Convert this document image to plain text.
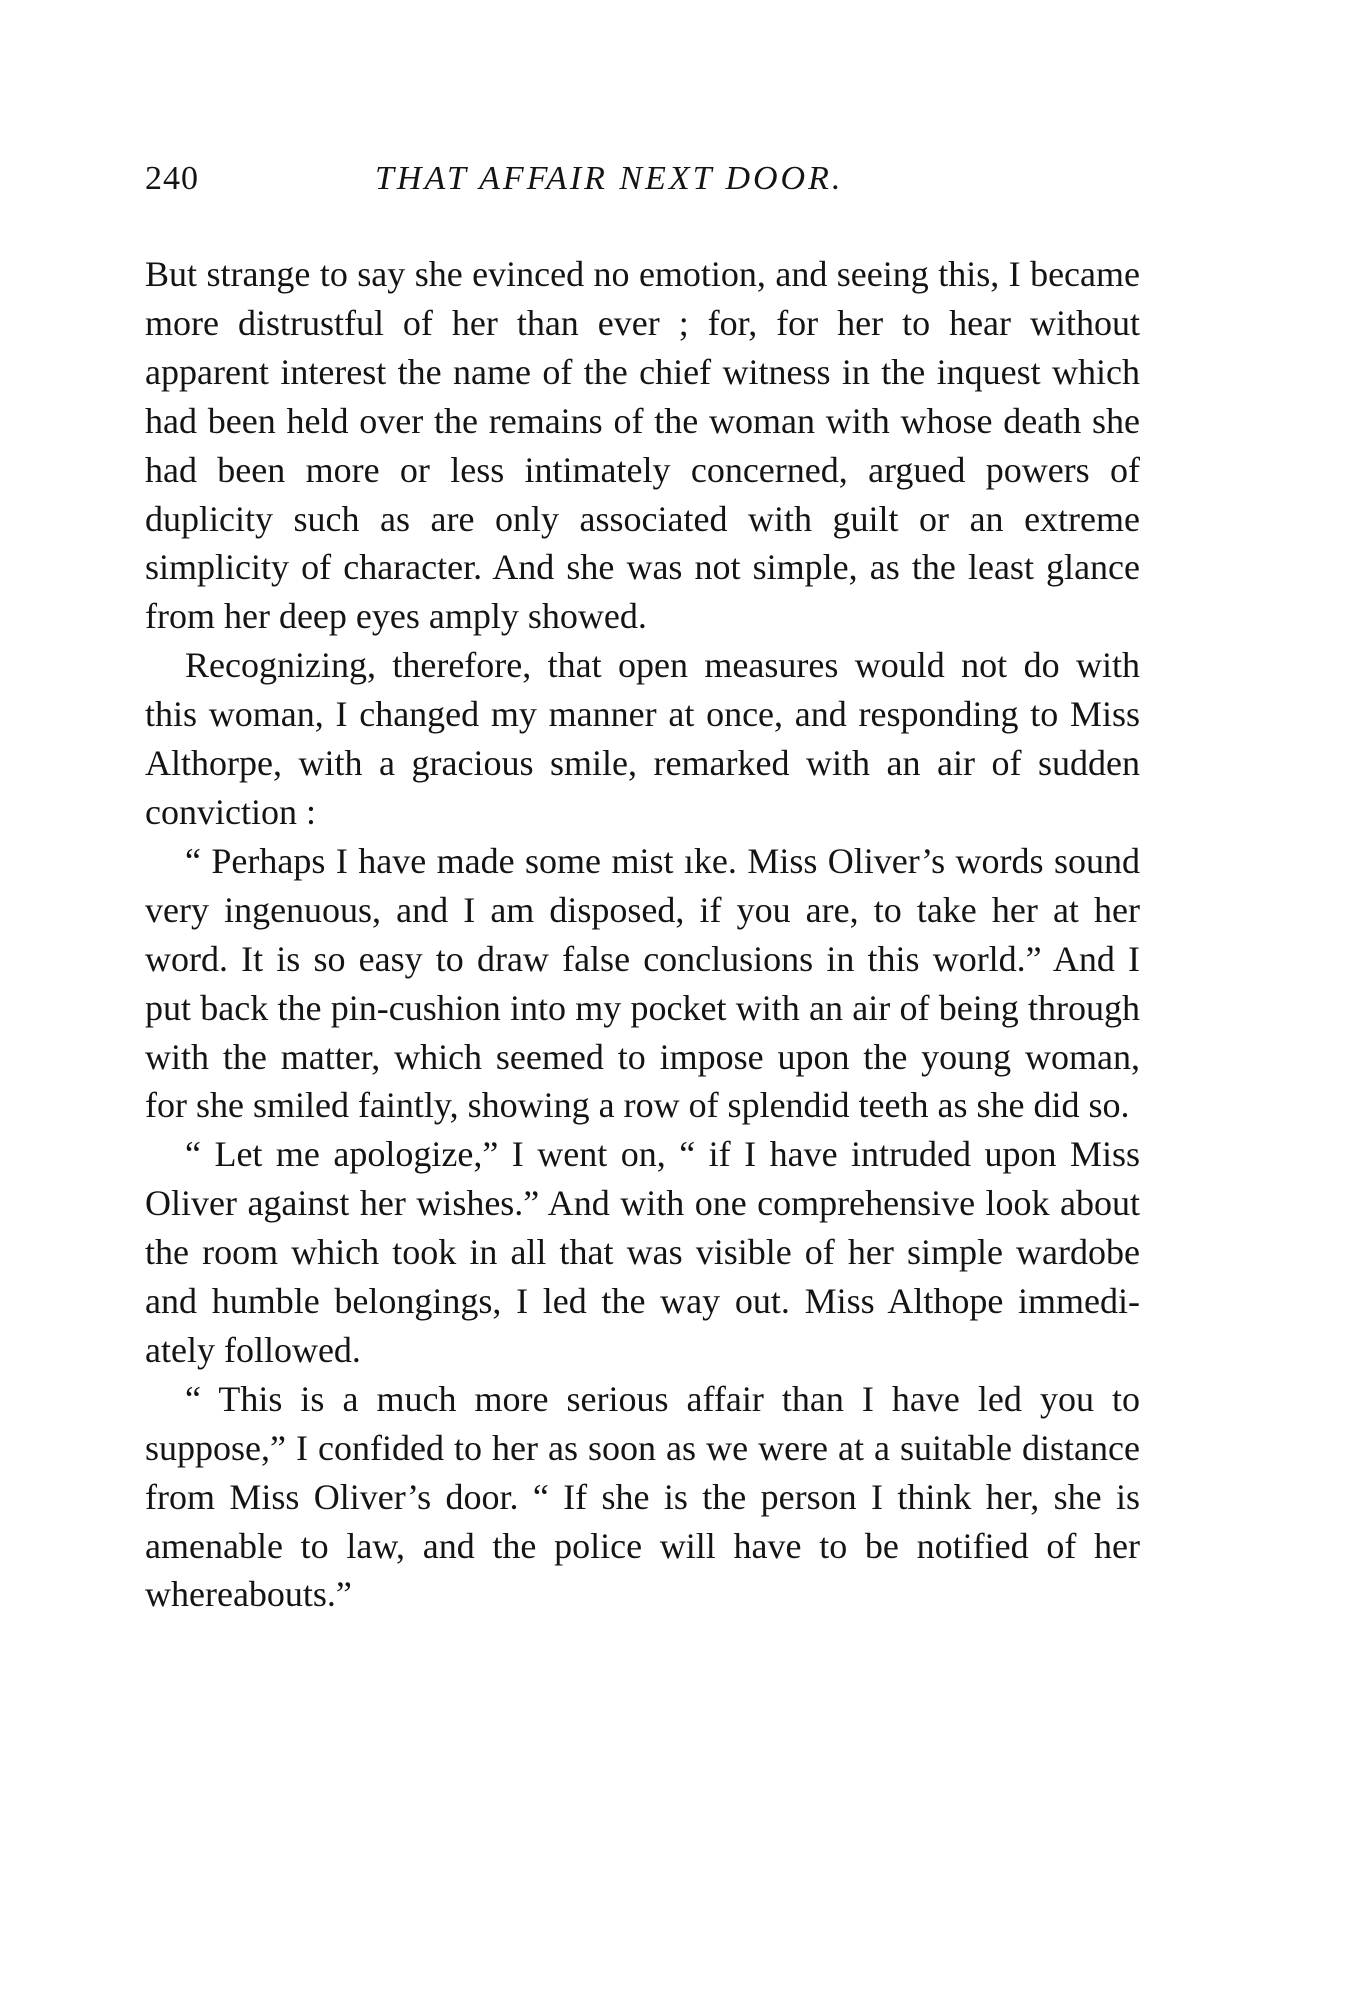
240	THAT AFFAIR NEXT DOOR.

But strange to say she evinced no emotion, and seeing this, I became more distrustful of her than ever ; for, for her to hear without apparent interest the name of the chief witness in the inquest which had been held over the remains of the woman with whose death she had been more or less intimately concerned, argued powers of duplicity such as are only associated with guilt or an extreme simplicity of character. And she was not simple, as the least glance from her deep eyes amply showed.

Recognizing, therefore, that open measures would not do with this woman, I changed my manner at once, and responding to Miss Althorpe, with a gracious smile, remarked with an air of sudden conviction :

“ Perhaps I have made some mist ıke. Miss Oliver’s words sound very ingenuous, and I am disposed, if you are, to take her at her word. It is so easy to draw false conclusions in this world.” And I put back the pin-cushion into my pocket with an air of being through with the matter, which seemed to impose upon the young woman, for she smiled faintly, showing a row of splendid teeth as she did so.

“ Let me apologize,” I went on, “ if I have intruded upon Miss Oliver against her wishes.” And with one comprehensive look about the room which took in all that was visible of her simple wardobe and humble belongings, I led the way out. Miss Althope immedi-ately followed.

“ This is a much more serious affair than I have led you to suppose,” I confided to her as soon as we were at a suitable distance from Miss Oliver’s door. “ If she is the person I think her, she is amenable to law, and the police will have to be notified of her whereabouts.”
